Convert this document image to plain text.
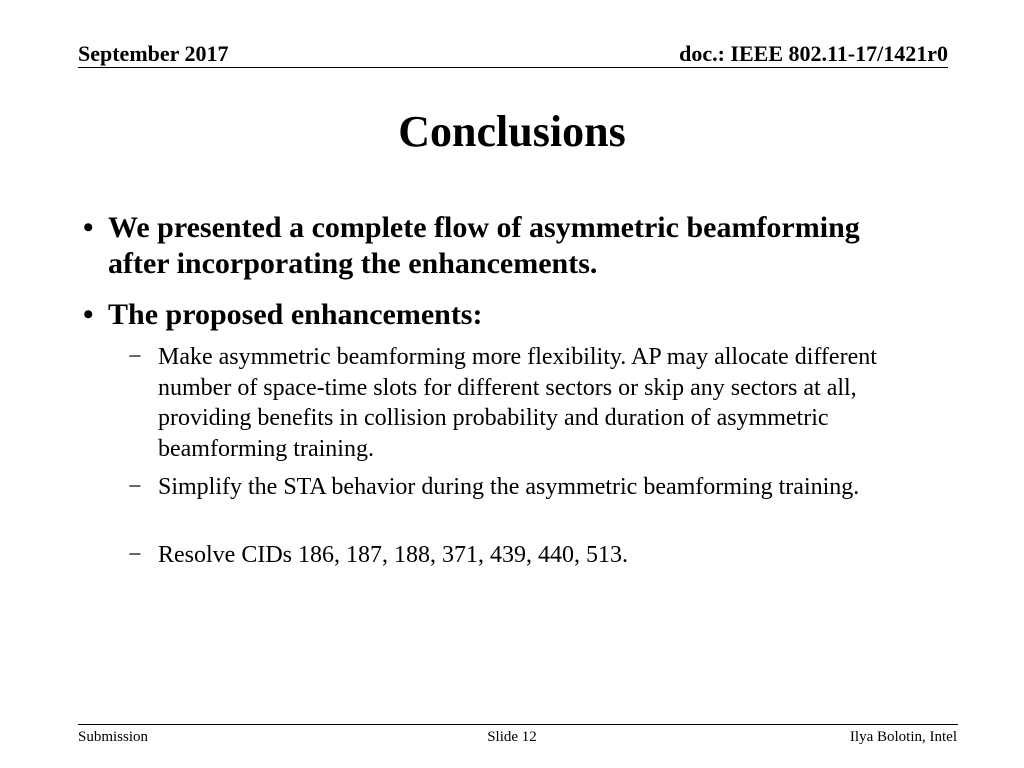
September 2017	doc.: IEEE 802.11-17/1421r0
Conclusions
• We presented a complete flow of asymmetric beamforming after incorporating the enhancements.
• The proposed enhancements:
− Make asymmetric beamforming more flexibility. AP may allocate different number of space-time slots for different sectors or skip any sectors at all, providing benefits in collision probability and duration of asymmetric beamforming training.
− Simplify the STA behavior during the asymmetric beamforming training.
− Resolve CIDs 186, 187, 188, 371, 439, 440, 513.
Submission	Slide 12	Ilya Bolotin, Intel
